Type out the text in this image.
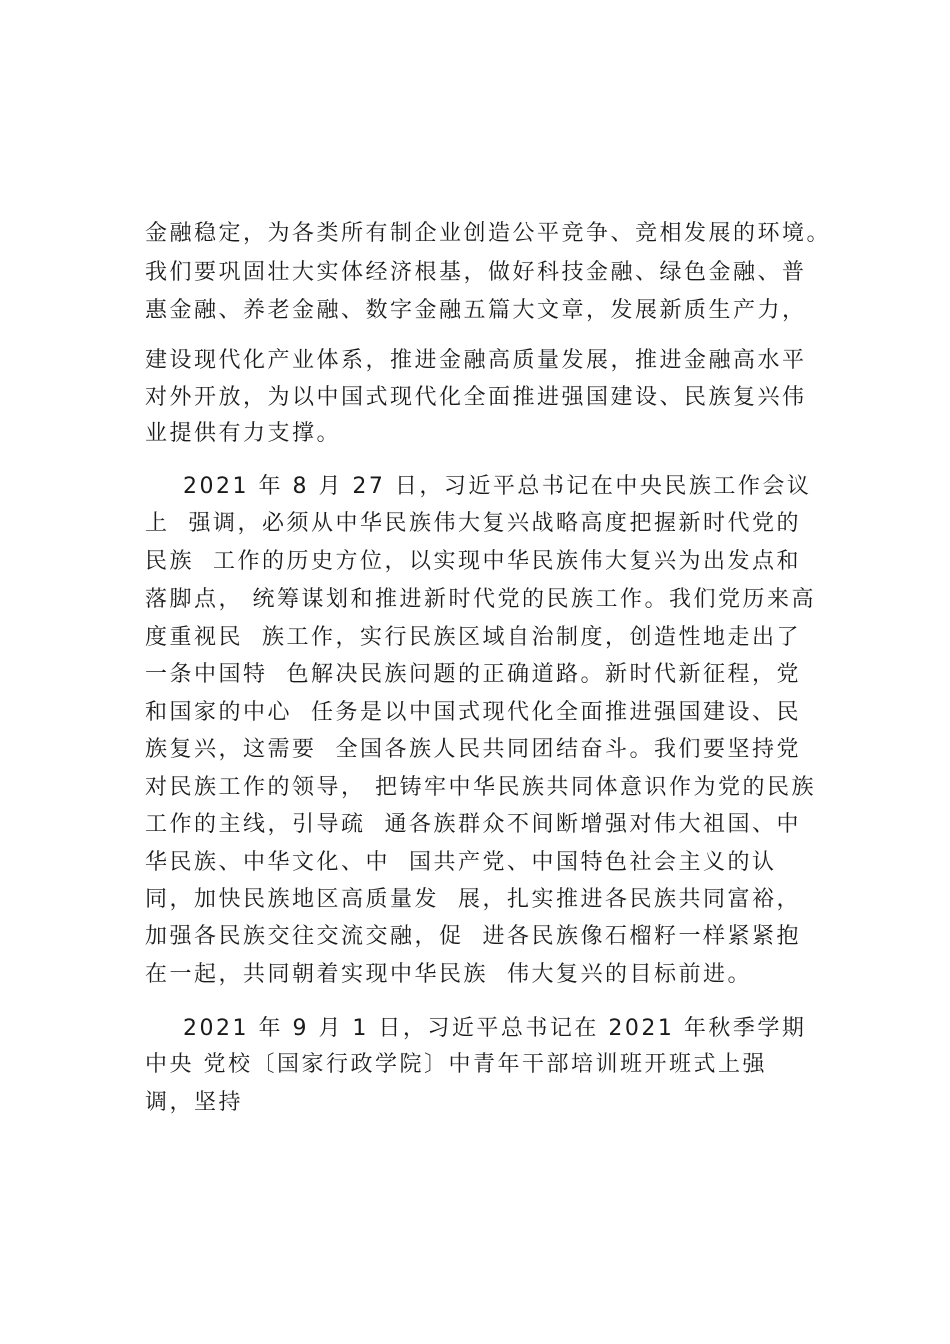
金融稳定，为各类所有制企业创造公平竞争、竞相发展的环境。
我们要巩固壮大实体经济根基，做好科技金融、绿色金融、普
惠金融、养老金融、数字金融五篇大文章，发展新质生产力，
建设现代化产业体系，推进金融高质量发展，推进金融高水平
对外开放，为以中国式现代化全面推进强国建设、民族复兴伟
业提供有力支撑。
2021 年 8 月 27 日，习近平总书记在中央民族工作会议
上  强调，必须从中华民族伟大复兴战略高度把握新时代党的
民族  工作的历史方位，以实现中华民族伟大复兴为出发点和
落脚点， 统筹谋划和推进新时代党的民族工作。我们党历来高
度重视民  族工作，实行民族区域自治制度，创造性地走出了
一条中国特  色解决民族问题的正确道路。新时代新征程，党
和国家的中心  任务是以中国式现代化全面推进强国建设、民
族复兴，这需要  全国各族人民共同团结奋斗。我们要坚持党
对民族工作的领导， 把铸牢中华民族共同体意识作为党的民族
工作的主线，引导疏  通各族群众不间断增强对伟大祖国、中
华民族、中华文化、中  国共产党、中国特色社会主义的认
同，加快民族地区高质量发  展，扎实推进各民族共同富裕，
加强各民族交往交流交融，促  进各民族像石榴籽一样紧紧抱
在一起，共同朝着实现中华民族  伟大复兴的目标前进。
2021 年 9 月 1 日，习近平总书记在 2021 年秋季学期
中央 党校〔国家行政学院〕中青年干部培训班开班式上强
调，坚持
